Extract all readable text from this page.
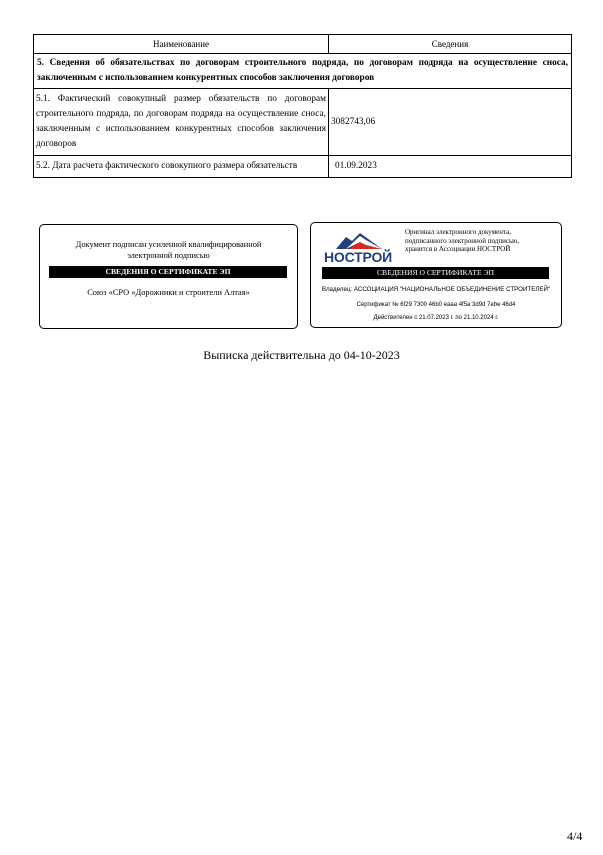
Наименование	Сведения
5. Сведения об обязательствах по договорам строительного подряда, по договорам подряда на осуществление сноса, заключенным с использованием конкурентных способов заключения договоров	
5.1. Фактический совокупный размер обязательств по договорам строительного подряда, по договорам подряда на осуществление сноса, заключенным с использованием конкурентных способов заключения договоров	3082743,06
5.2. Дата расчета фактического совокупного размера обязательств	01.09.2023
Документ подписан усиленной квалифицированной
электронной подписью
СВЕДЕНИЯ О СЕРТИФИКАТЕ ЭП
Союз «СРО «Дорожники и строители Алтая»
НОСТРОЙ
Оригинал электронного документа,
подписанного электронной подписью,
хранится в Ассоциации НОСТРОЙ
СВЕДЕНИЯ О СЕРТИФИКАТЕ ЭП
Владелец: АССОЦИАЦИЯ "НАЦИОНАЛЬНОЕ ОБЪЕДИНЕНИЕ СТРОИТЕЛЕЙ"
Сертификат № 6f29 7300 46b0 eaaa 4f5a 3d9d 7ebe 46d4
Действителен с 21.07.2023 г. по 21.10.2024 г.
Выписка действительна до 04-10-2023
4/4
